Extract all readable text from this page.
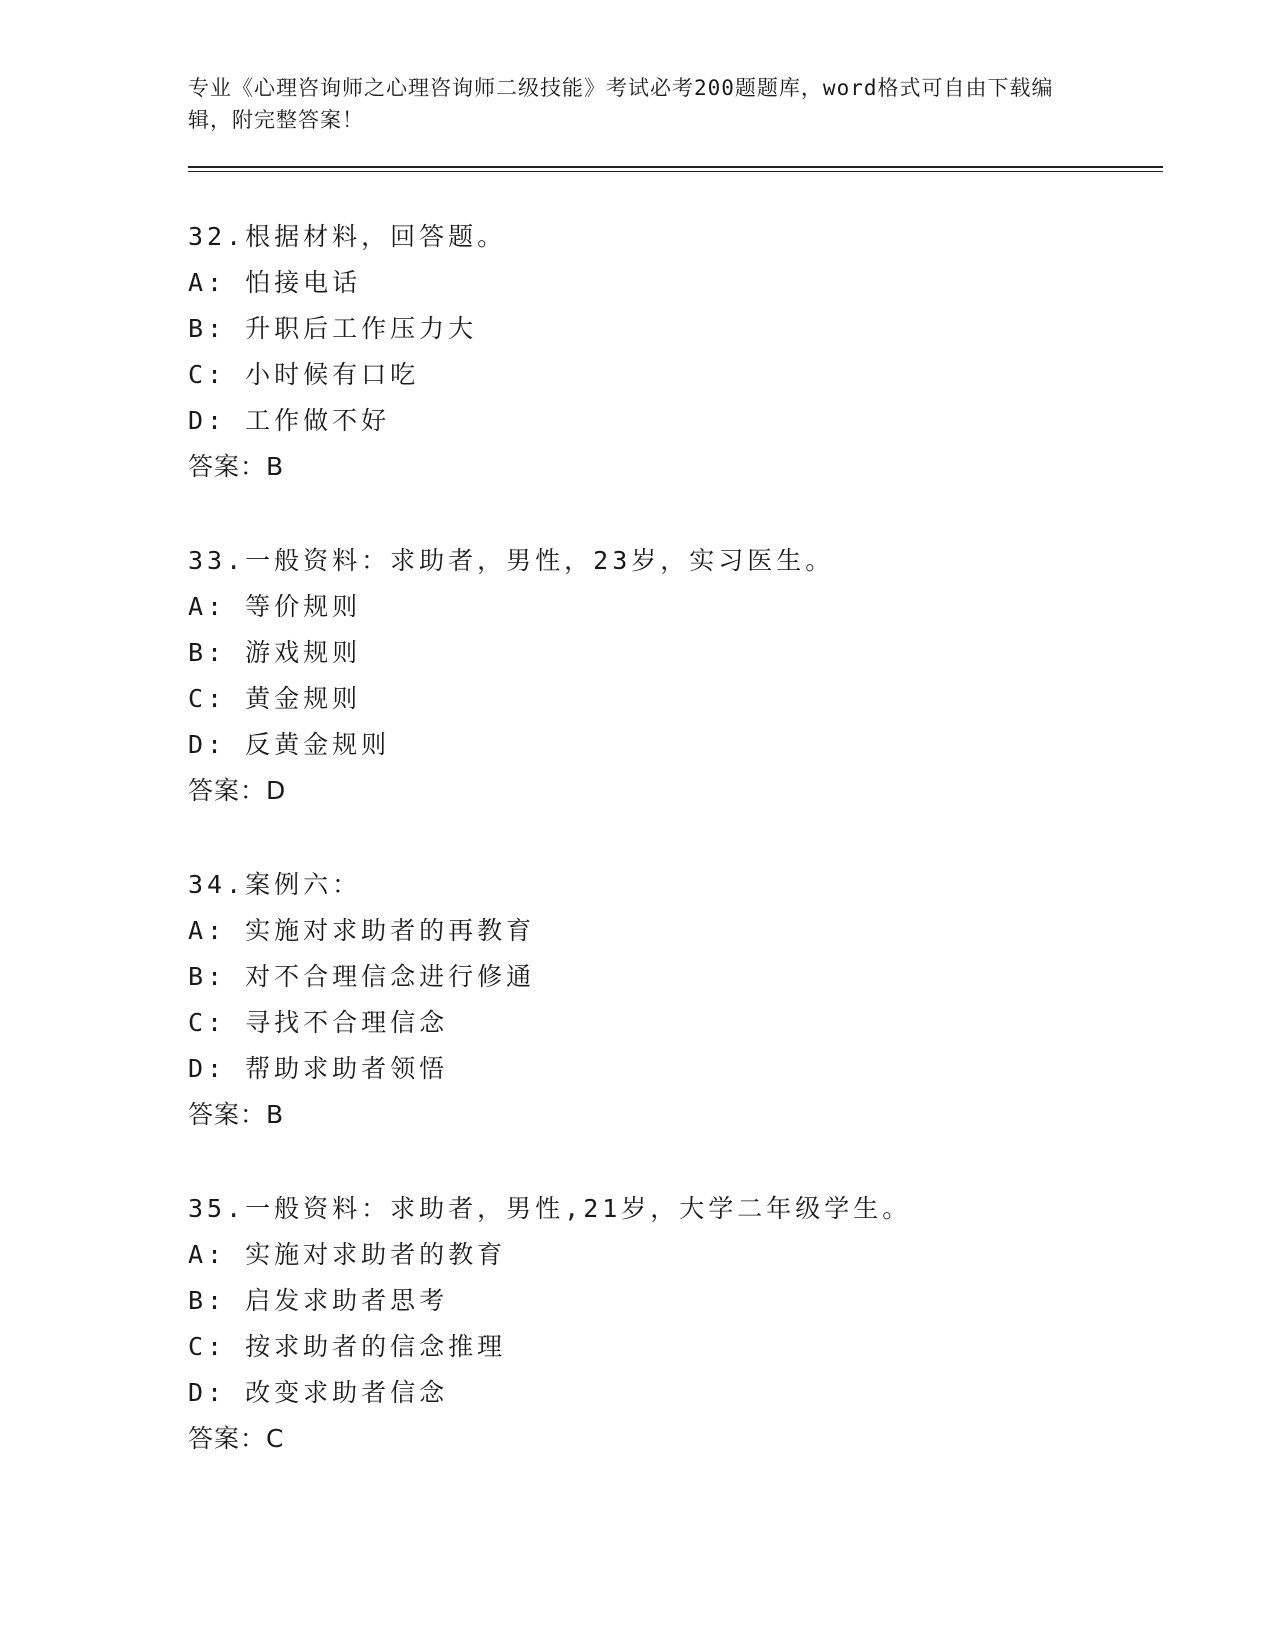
专业《心理咨询师之心理咨询师二级技能》考试必考200题题库，word格式可自由下载编辑，附完整答案！

32.根据材料，回答题。
A: 怕接电话
B: 升职后工作压力大
C: 小时候有口吃
D: 工作做不好
答案：B
33.一般资料：求助者，男性，23岁，实习医生。
A: 等价规则
B: 游戏规则
C: 黄金规则
D: 反黄金规则
答案：D
34.案例六：
A: 实施对求助者的再教育
B: 对不合理信念进行修通
C: 寻找不合理信念
D: 帮助求助者领悟
答案：B
35.一般资料：求助者，男性,21岁，大学二年级学生。
A: 实施对求助者的教育
B: 启发求助者思考
C: 按求助者的信念推理
D: 改变求助者信念
答案：C
